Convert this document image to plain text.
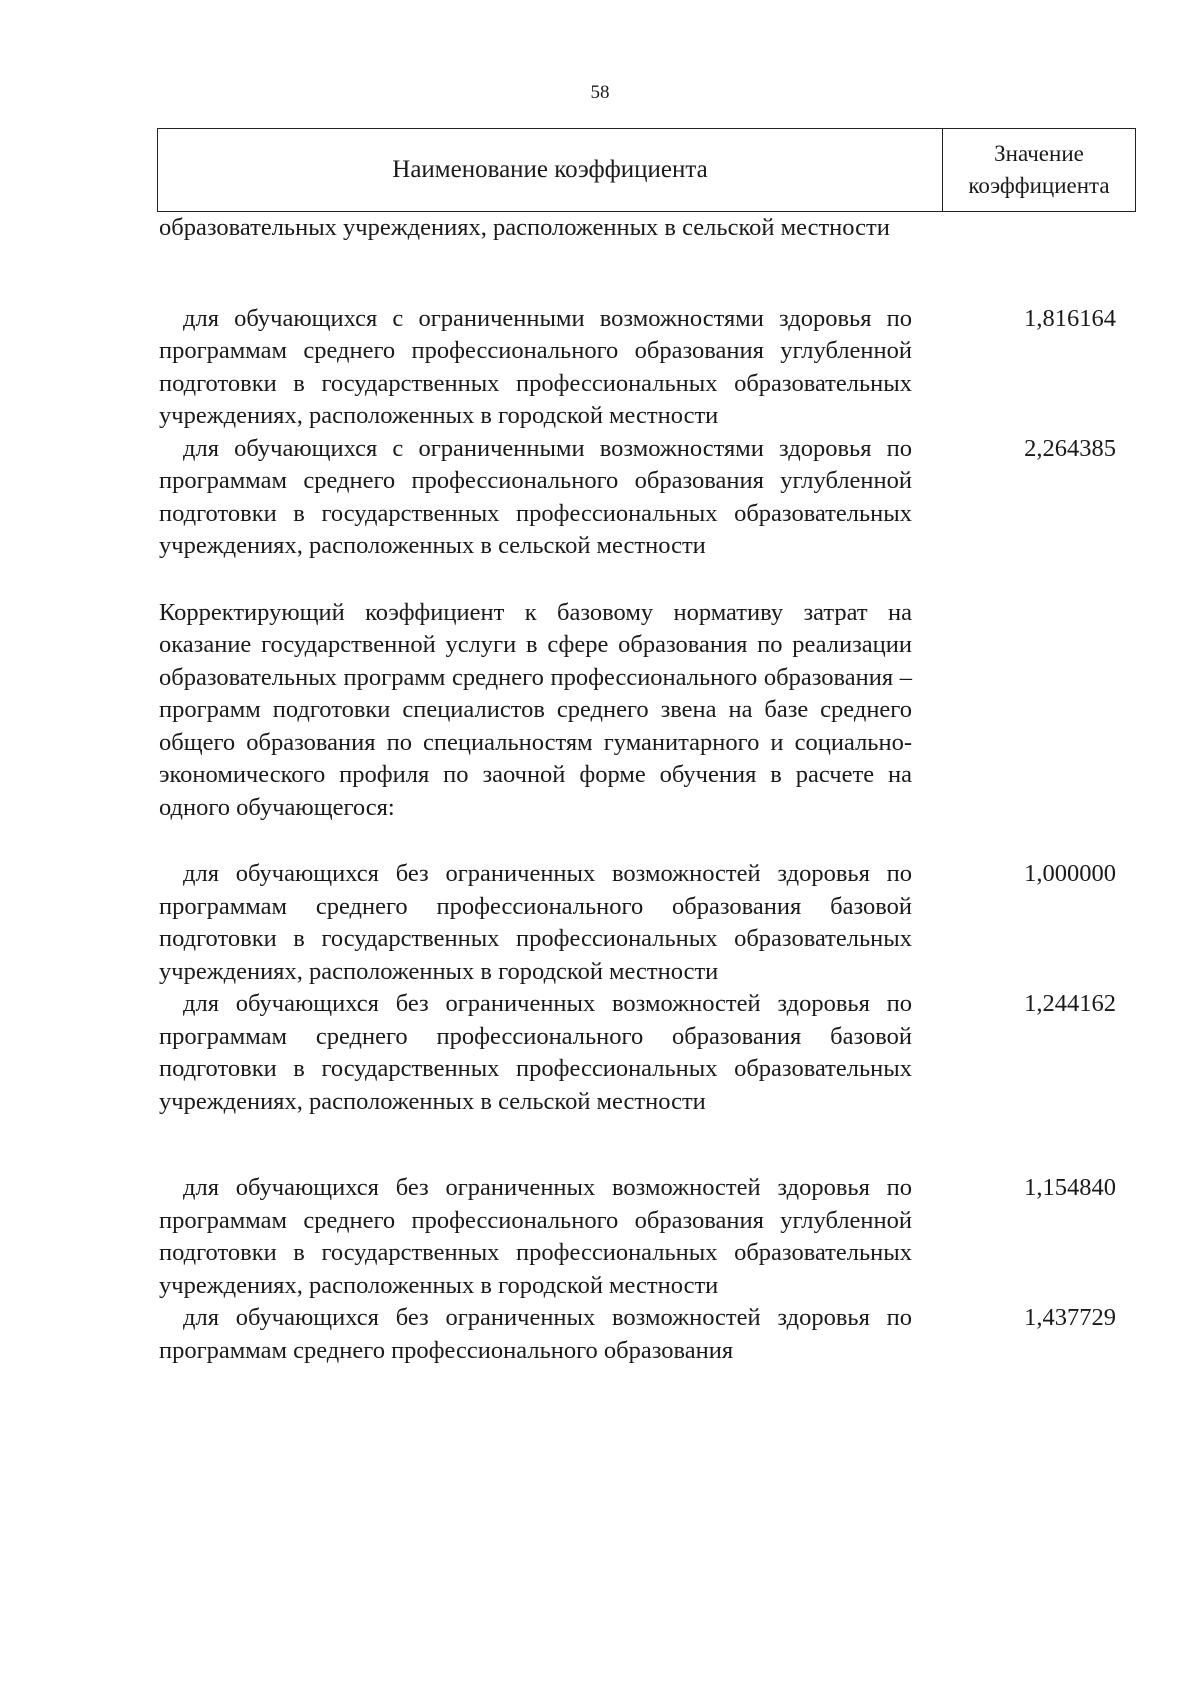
58
Наименование коэффициента
Значение
коэффициента
образовательных учреждениях, расположенных в сельской местности
для обучающихся с ограниченными возможностями здоровья по программам среднего профессионального образования углубленной подготовки в государственных профессиональных образовательных учреждениях, расположенных в городской местности
1,816164
для обучающихся с ограниченными возможностями здоровья по программам среднего профессионального образования углубленной подготовки в государственных профессиональных образовательных учреждениях, расположенных в сельской местности
2,264385
Корректирующий коэффициент к базовому нормативу затрат на оказание государственной услуги в сфере образования по реализации образовательных программ среднего профессионального образования – программ подготовки специалистов среднего звена на базе среднего общего образования по специальностям гуманитарного и социально-экономического профиля по заочной форме обучения в расчете на одного обучающегося:
для обучающихся без ограниченных возможностей здоровья по программам среднего профессионального образования базовой подготовки в государственных профессиональных образовательных учреждениях, расположенных в городской местности
1,000000
для обучающихся без ограниченных возможностей здоровья по программам среднего профессионального образования базовой подготовки в государственных профессиональных образовательных учреждениях, расположенных в сельской местности
1,244162
для обучающихся без ограниченных возможностей здоровья по программам среднего профессионального образования углубленной подготовки в государственных профессиональных образовательных учреждениях, расположенных в городской местности
1,154840
для обучающихся без ограниченных возможностей здоровья по программам среднего профессионального образования
1,437729
